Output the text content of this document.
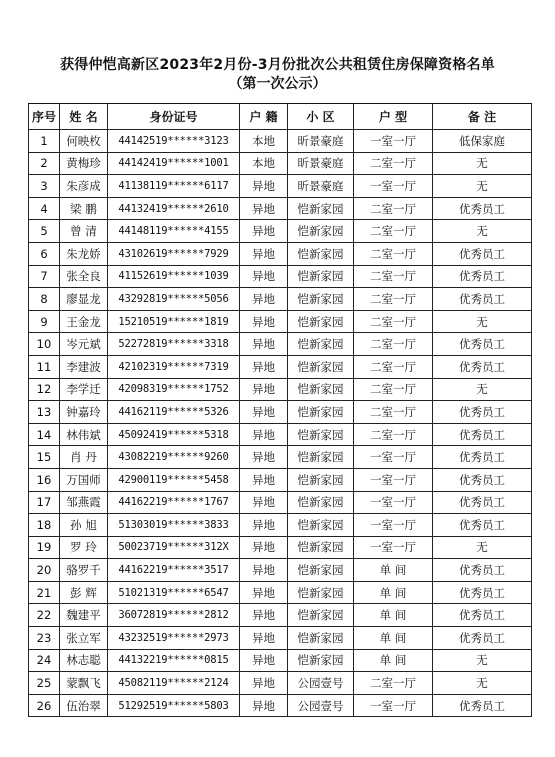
获得仲恺高新区2023年2月份-3月份批次公共租赁住房保障资格名单
（第一次公示）
序号	姓 名	身份证号	户 籍	小 区	户 型	备 注
1	何映枚	44142519******3123	本地	昕景豪庭	一室一厅	低保家庭
2	黄梅珍	44142419******1001	本地	昕景豪庭	二室一厅	无
3	朱彦成	41138119******6117	异地	昕景豪庭	一室一厅	无
4	梁 鹏	44132419******2610	异地	恺新家园	二室一厅	优秀员工
5	曾 清	44148119******4155	异地	恺新家园	二室一厅	无
6	朱龙娇	43102619******7929	异地	恺新家园	二室一厅	优秀员工
7	张全良	41152619******1039	异地	恺新家园	二室一厅	优秀员工
8	廖显龙	43292819******5056	异地	恺新家园	二室一厅	优秀员工
9	王金龙	15210519******1819	异地	恺新家园	二室一厅	无
10	岑元斌	52272819******3318	异地	恺新家园	二室一厅	优秀员工
11	李建波	42102319******7319	异地	恺新家园	二室一厅	优秀员工
12	李学迁	42098319******1752	异地	恺新家园	二室一厅	无
13	钟嘉玲	44162119******5326	异地	恺新家园	二室一厅	优秀员工
14	林伟斌	45092419******5318	异地	恺新家园	二室一厅	优秀员工
15	肖 丹	43082219******9260	异地	恺新家园	一室一厅	优秀员工
16	万国师	42900119******5458	异地	恺新家园	一室一厅	优秀员工
17	邹燕霞	44162219******1767	异地	恺新家园	一室一厅	优秀员工
18	孙 旭	51303019******3833	异地	恺新家园	一室一厅	优秀员工
19	罗 玲	50023719******312X	异地	恺新家园	一室一厅	无
20	骆罗千	44162219******3517	异地	恺新家园	单 间	优秀员工
21	彭 辉	51021319******6547	异地	恺新家园	单 间	优秀员工
22	魏建平	36072819******2812	异地	恺新家园	单 间	优秀员工
23	张立军	43232519******2973	异地	恺新家园	单 间	优秀员工
24	林志聪	44132219******0815	异地	恺新家园	单 间	无
25	蒙飘飞	45082119******2124	异地	公园壹号	二室一厅	无
26	伍治翠	51292519******5803	异地	公园壹号	一室一厅	优秀员工
